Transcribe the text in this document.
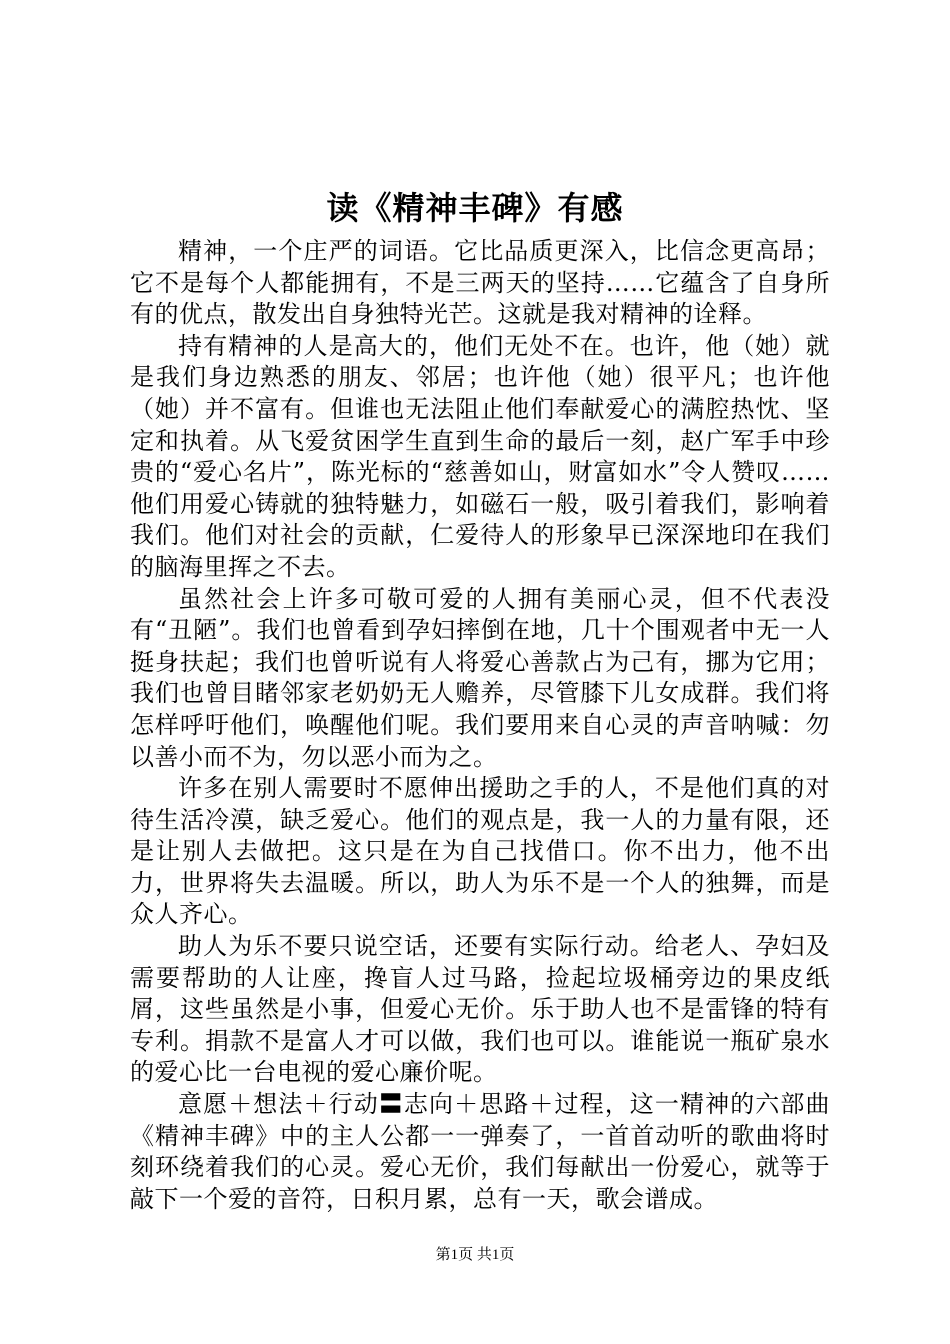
读《精神丰碑》有感

精神，一个庄严的词语。它比品质更深入，比信念更高昂；它不是每个人都能拥有，不是三两天的坚持……它蕴含了自身所有的优点，散发出自身独特光芒。这就是我对精神的诠释。

持有精神的人是高大的，他们无处不在。也许，他（她）就是我们身边熟悉的朋友、邻居；也许他（她）很平凡；也许他（她）并不富有。但谁也无法阻止他们奉献爱心的满腔热忱、坚定和执着。从飞爱贫困学生直到生命的最后一刻，赵广军手中珍贵的“爱心名片”，陈光标的“慈善如山，财富如水”令人赞叹……他们用爱心铸就的独特魅力，如磁石一般，吸引着我们，影响着我们。他们对社会的贡献，仁爱待人的形象早已深深地印在我们的脑海里挥之不去。

虽然社会上许多可敬可爱的人拥有美丽心灵，但不代表没有“丑陋”。我们也曾看到孕妇摔倒在地，几十个围观者中无一人挺身扶起；我们也曾听说有人将爱心善款占为己有，挪为它用；我们也曾目睹邻家老奶奶无人赡养，尽管膝下儿女成群。我们将怎样呼吁他们，唤醒他们呢。我们要用来自心灵的声音呐喊：勿以善小而不为，勿以恶小而为之。

许多在别人需要时不愿伸出援助之手的人，不是他们真的对待生活冷漠，缺乏爱心。他们的观点是，我一人的力量有限，还是让别人去做把。这只是在为自己找借口。你不出力，他不出力，世界将失去温暖。所以，助人为乐不是一个人的独舞，而是众人齐心。

助人为乐不要只说空话，还要有实际行动。给老人、孕妇及需要帮助的人让座，搀盲人过马路，捡起垃圾桶旁边的果皮纸屑，这些虽然是小事，但爱心无价。乐于助人也不是雷锋的特有专利。捐款不是富人才可以做，我们也可以。谁能说一瓶矿泉水的爱心比一台电视的爱心廉价呢。

意愿＋想法＋行动〓志向＋思路＋过程，这一精神的六部曲《精神丰碑》中的主人公都一一弹奏了，一首首动听的歌曲将时刻环绕着我们的心灵。爱心无价，我们每献出一份爱心，就等于敲下一个爱的音符，日积月累，总有一天，歌会谱成。

第1页 共1页
